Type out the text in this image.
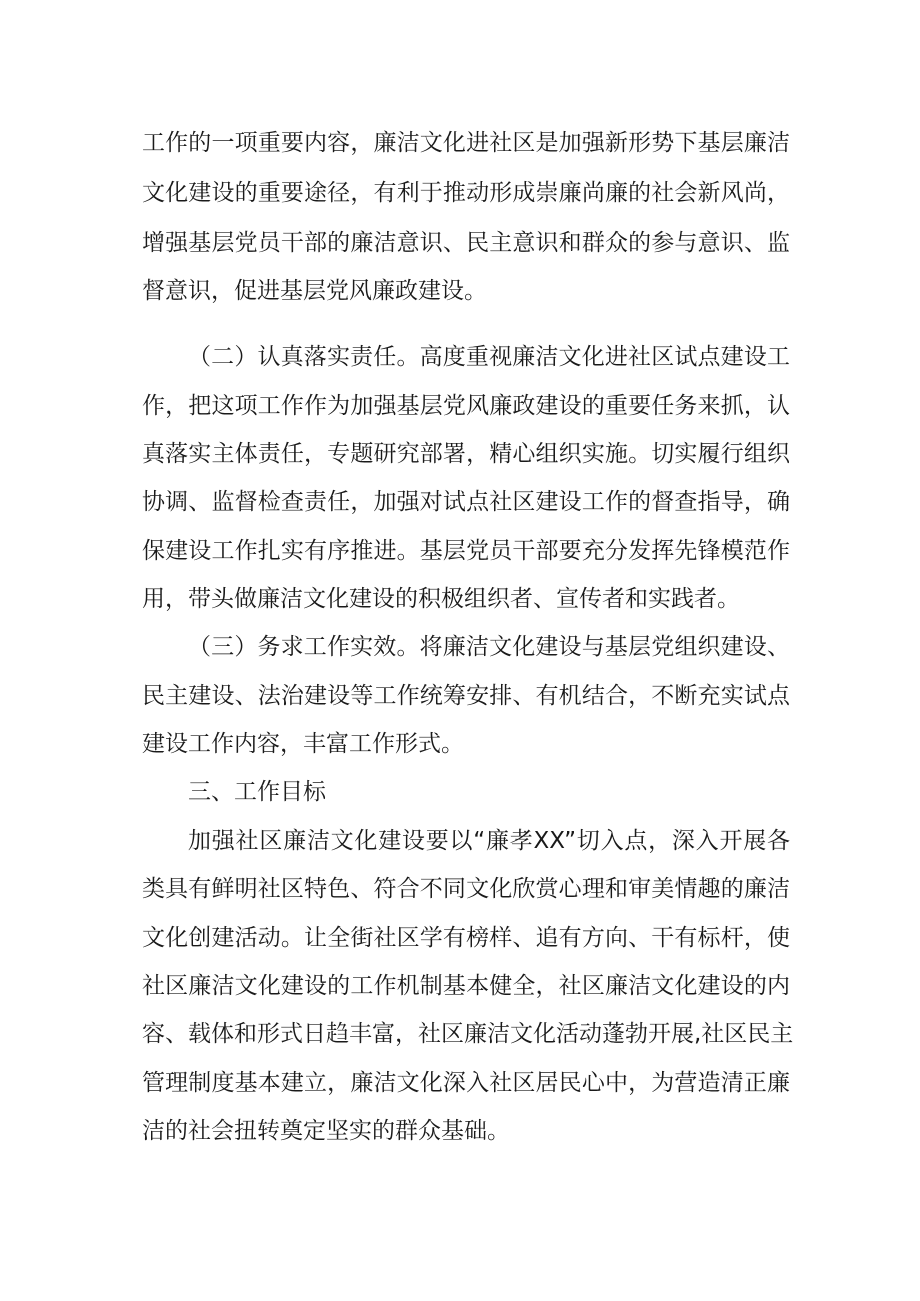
工作的一项重要内容，廉洁文化进社区是加强新形势下基层廉洁
文化建设的重要途径，有利于推动形成崇廉尚廉的社会新风尚，
增强基层党员干部的廉洁意识、民主意识和群众的参与意识、监
督意识，促进基层党风廉政建设。
（二）认真落实责任。高度重视廉洁文化进社区试点建设工
作，把这项工作作为加强基层党风廉政建设的重要任务来抓，认
真落实主体责任，专题研究部署，精心组织实施。切实履行组织
协调、监督检查责任，加强对试点社区建设工作的督查指导，确
保建设工作扎实有序推进。基层党员干部要充分发挥先锋模范作
用，带头做廉洁文化建设的积极组织者、宣传者和实践者。
（三）务求工作实效。将廉洁文化建设与基层党组织建设、
民主建设、法治建设等工作统筹安排、有机结合，不断充实试点
建设工作内容，丰富工作形式。
三、工作目标
加强社区廉洁文化建设要以“廉孝XX”切入点，深入开展各
类具有鲜明社区特色、符合不同文化欣赏心理和审美情趣的廉洁
文化创建活动。让全街社区学有榜样、追有方向、干有标杆，使
社区廉洁文化建设的工作机制基本健全，社区廉洁文化建设的内
容、载体和形式日趋丰富，社区廉洁文化活动蓬勃开展,社区民主
管理制度基本建立，廉洁文化深入社区居民心中，为营造清正廉
洁的社会扭转奠定坚实的群众基础。
